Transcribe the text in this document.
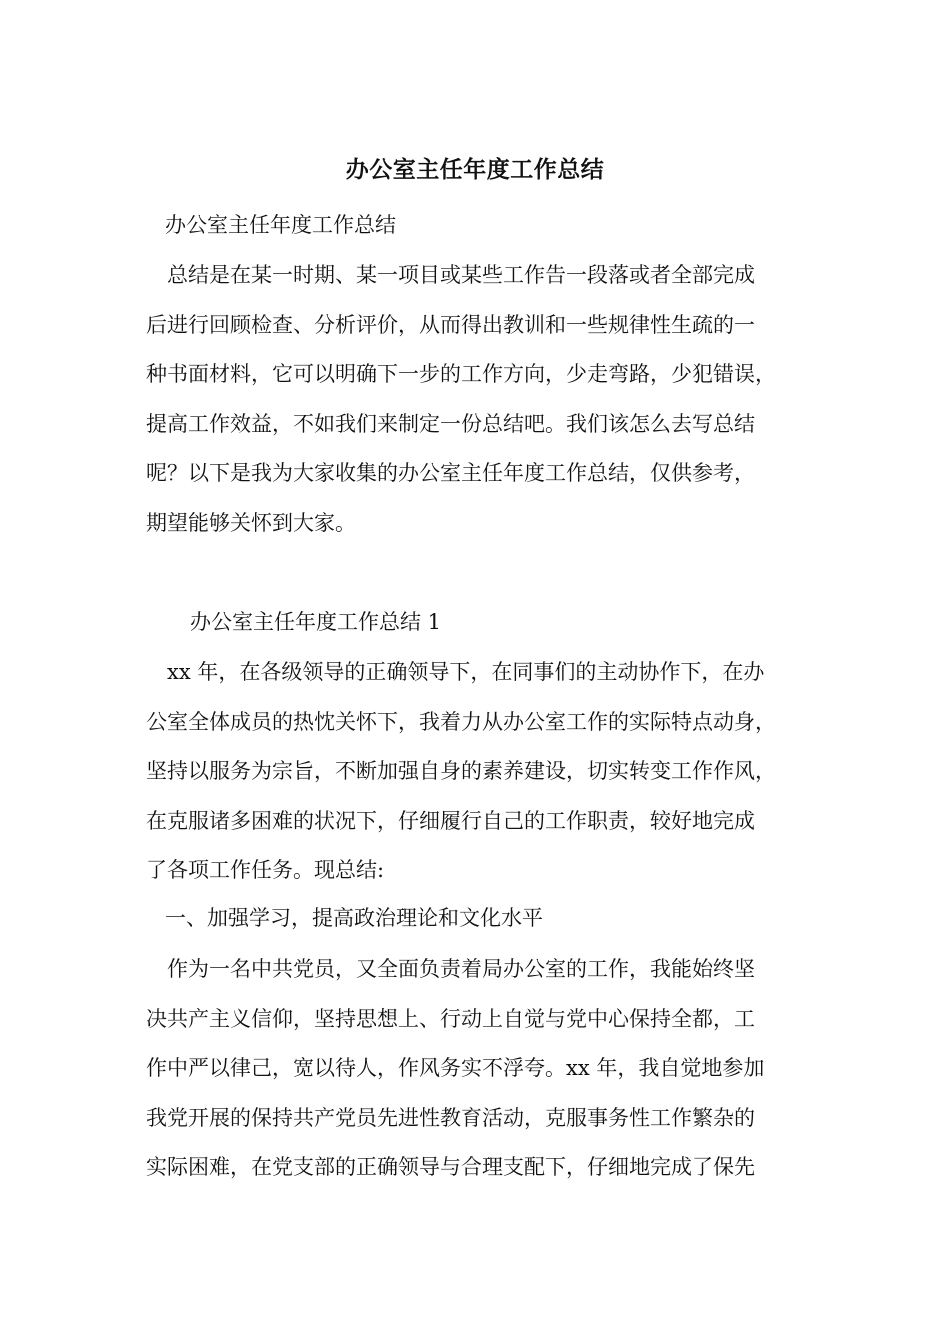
办公室主任年度工作总结
办公室主任年度工作总结
　总结是在某一时期、某一项目或某些工作告一段落或者全部完成
后进行回顾检查、分析评价，从而得出教训和一些规律性生疏的一
种书面材料，它可以明确下一步的工作方向，少走弯路，少犯错误，
提高工作效益，不如我们来制定一份总结吧。我们该怎么去写总结
呢？以下是我为大家收集的办公室主任年度工作总结，仅供参考，
期望能够关怀到大家。
办公室主任年度工作总结 1
　xx 年，在各级领导的正确领导下，在同事们的主动协作下，在办
公室全体成员的热忱关怀下，我着力从办公室工作的实际特点动身，
坚持以服务为宗旨，不断加强自身的素养建设，切实转变工作作风，
在克服诸多困难的状况下，仔细履行自己的工作职责，较好地完成
了各项工作任务。现总结:
一、加强学习，提高政治理论和文化水平
　作为一名中共党员，又全面负责着局办公室的工作，我能始终坚
决共产主义信仰，坚持思想上、行动上自觉与党中心保持全都，工
作中严以律己，宽以待人，作风务实不浮夸。xx 年，我自觉地参加
我党开展的保持共产党员先进性教育活动，克服事务性工作繁杂的
实际困难，在党支部的正确领导与合理支配下，仔细地完成了保先
